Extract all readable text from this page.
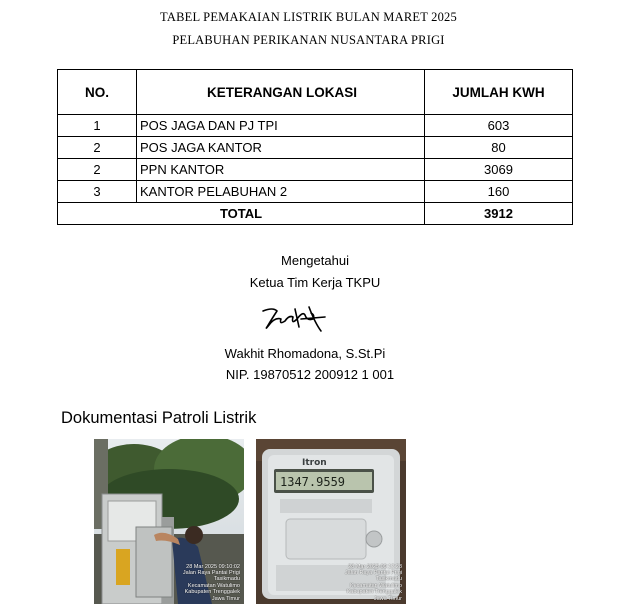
TABEL PEMAKAIAN LISTRIK BULAN MARET 2025
PELABUHAN PERIKANAN NUSANTARA PRIGI
NO.	KETERANGAN LOKASI	JUMLAH KWH
1	POS JAGA DAN PJ TPI	603
2	POS JAGA KANTOR	80
2	PPN KANTOR	3069
3	KANTOR PELABUHAN 2	160
TOTAL		3912
Mengetahui
Ketua Tim Kerja TKPU
Wakhit Rhomadona, S.St.Pi
NIP. 19870512 200912 1 001
Dokumentasi Patroli Listrik
28 Mar 2025 09:10:02
Jalan Raya Pantai Prigi
Tasikmadu
Kecamatan Watulimo
Kabupaten Trenggalek
Jawa Timur
1347.9559
Itron
28 Mar 2025 09:12:28
Jalan Raya Pantai Prigi
Tasikmadu
Kecamatan Watulimo
Kabupaten Trenggalek
Jawa Timur
